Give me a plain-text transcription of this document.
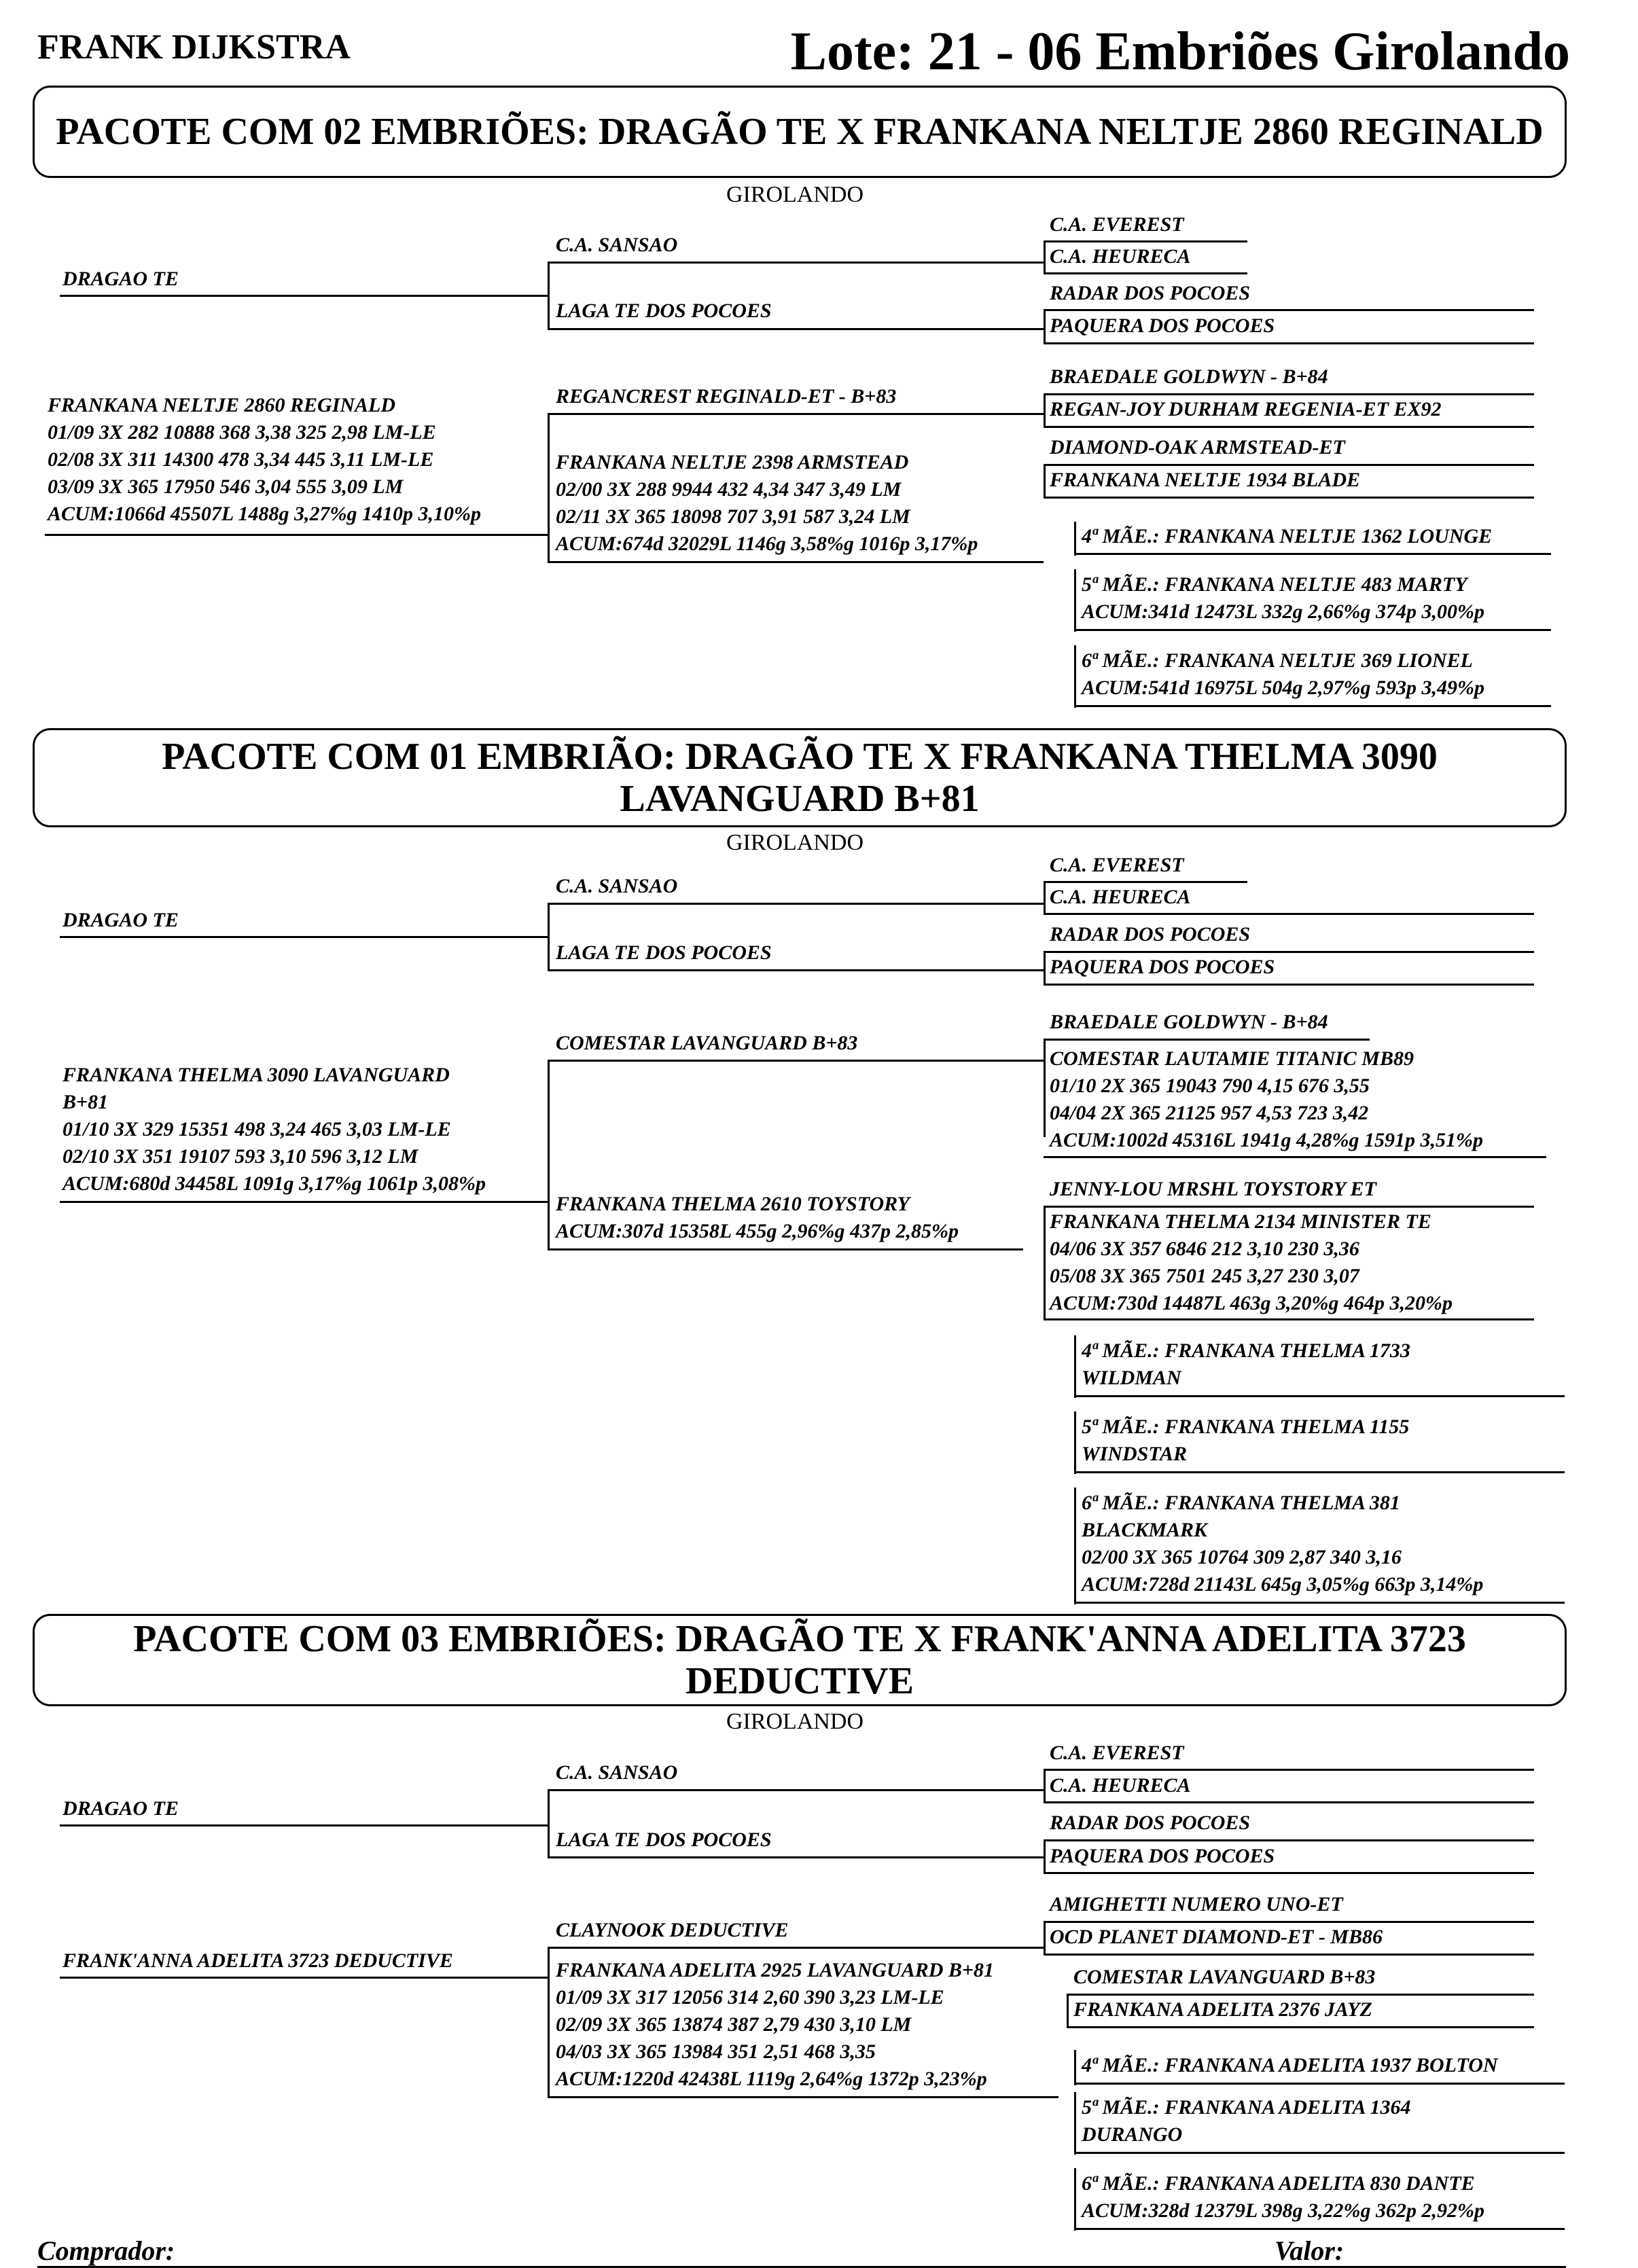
FRANK DIJKSTRA	Lote: 21 - 06 Embriões Girolando
PACOTE COM 02 EMBRIÕES: DRAGÃO TE X FRANKANA NELTJE 2860 REGINALD
GIROLANDO
DRAGAO TE
C.A. SANSAO
LAGA TE DOS POCOES
C.A. EVEREST
C.A. HEURECA
RADAR DOS POCOES
PAQUERA DOS POCOES
FRANKANA NELTJE 2860 REGINALD
01/09 3X 282 10888 368 3,38 325 2,98 LM-LE
02/08 3X 311 14300 478 3,34 445 3,11 LM-LE
03/09 3X 365 17950 546 3,04 555 3,09 LM
ACUM:1066d 45507L 1488g 3,27%g 1410p 3,10%p
REGANCREST REGINALD-ET - B+83
FRANKANA NELTJE 2398 ARMSTEAD
02/00 3X 288 9944 432 4,34 347 3,49 LM
02/11 3X 365 18098 707 3,91 587 3,24 LM
ACUM:674d 32029L 1146g 3,58%g 1016p 3,17%p
BRAEDALE GOLDWYN - B+84
REGAN-JOY DURHAM REGENIA-ET EX92
DIAMOND-OAK ARMSTEAD-ET
FRANKANA NELTJE 1934 BLADE
4ª MÃE.: FRANKANA NELTJE 1362 LOUNGE
5ª MÃE.: FRANKANA NELTJE 483 MARTY
ACUM:341d 12473L 332g 2,66%g 374p 3,00%p
6ª MÃE.: FRANKANA NELTJE 369 LIONEL
ACUM:541d 16975L 504g 2,97%g 593p 3,49%p
PACOTE COM 01 EMBRIÃO: DRAGÃO TE X FRANKANA THELMA 3090 LAVANGUARD B+81
GIROLANDO
DRAGAO TE
C.A. SANSAO
LAGA TE DOS POCOES
C.A. EVEREST
C.A. HEURECA
RADAR DOS POCOES
PAQUERA DOS POCOES
FRANKANA THELMA 3090 LAVANGUARD
B+81
01/10 3X 329 15351 498 3,24 465 3,03 LM-LE
02/10 3X 351 19107 593 3,10 596 3,12 LM
ACUM:680d 34458L 1091g 3,17%g 1061p 3,08%p
COMESTAR LAVANGUARD B+83
FRANKANA THELMA 2610 TOYSTORY
ACUM:307d 15358L 455g 2,96%g 437p 2,85%p
BRAEDALE GOLDWYN - B+84
COMESTAR LAUTAMIE TITANIC MB89
01/10 2X 365 19043 790 4,15 676 3,55
04/04 2X 365 21125 957 4,53 723 3,42
ACUM:1002d 45316L 1941g 4,28%g 1591p 3,51%p
JENNY-LOU MRSHL TOYSTORY ET
FRANKANA THELMA 2134 MINISTER TE
04/06 3X 357 6846 212 3,10 230 3,36
05/08 3X 365 7501 245 3,27 230 3,07
ACUM:730d 14487L 463g 3,20%g 464p 3,20%p
4ª MÃE.: FRANKANA THELMA 1733
WILDMAN
5ª MÃE.: FRANKANA THELMA 1155
WINDSTAR
6ª MÃE.: FRANKANA THELMA 381
BLACKMARK
02/00 3X 365 10764 309 2,87 340 3,16
ACUM:728d 21143L 645g 3,05%g 663p 3,14%p
PACOTE COM 03 EMBRIÕES: DRAGÃO TE X FRANK'ANNA ADELITA 3723 DEDUCTIVE
GIROLANDO
DRAGAO TE
C.A. SANSAO
LAGA TE DOS POCOES
C.A. EVEREST
C.A. HEURECA
RADAR DOS POCOES
PAQUERA DOS POCOES
FRANK'ANNA ADELITA 3723 DEDUCTIVE
CLAYNOOK DEDUCTIVE
FRANKANA ADELITA 2925 LAVANGUARD B+81
01/09 3X 317 12056 314 2,60 390 3,23 LM-LE
02/09 3X 365 13874 387 2,79 430 3,10 LM
04/03 3X 365 13984 351 2,51 468 3,35
ACUM:1220d 42438L 1119g 2,64%g 1372p 3,23%p
AMIGHETTI NUMERO UNO-ET
OCD PLANET DIAMOND-ET - MB86
COMESTAR LAVANGUARD B+83
FRANKANA ADELITA 2376 JAYZ
4ª MÃE.: FRANKANA ADELITA 1937 BOLTON
5ª MÃE.: FRANKANA ADELITA 1364
DURANGO
6ª MÃE.: FRANKANA ADELITA 830 DANTE
ACUM:328d 12379L 398g 3,22%g 362p 2,92%p
Comprador:	Valor:
